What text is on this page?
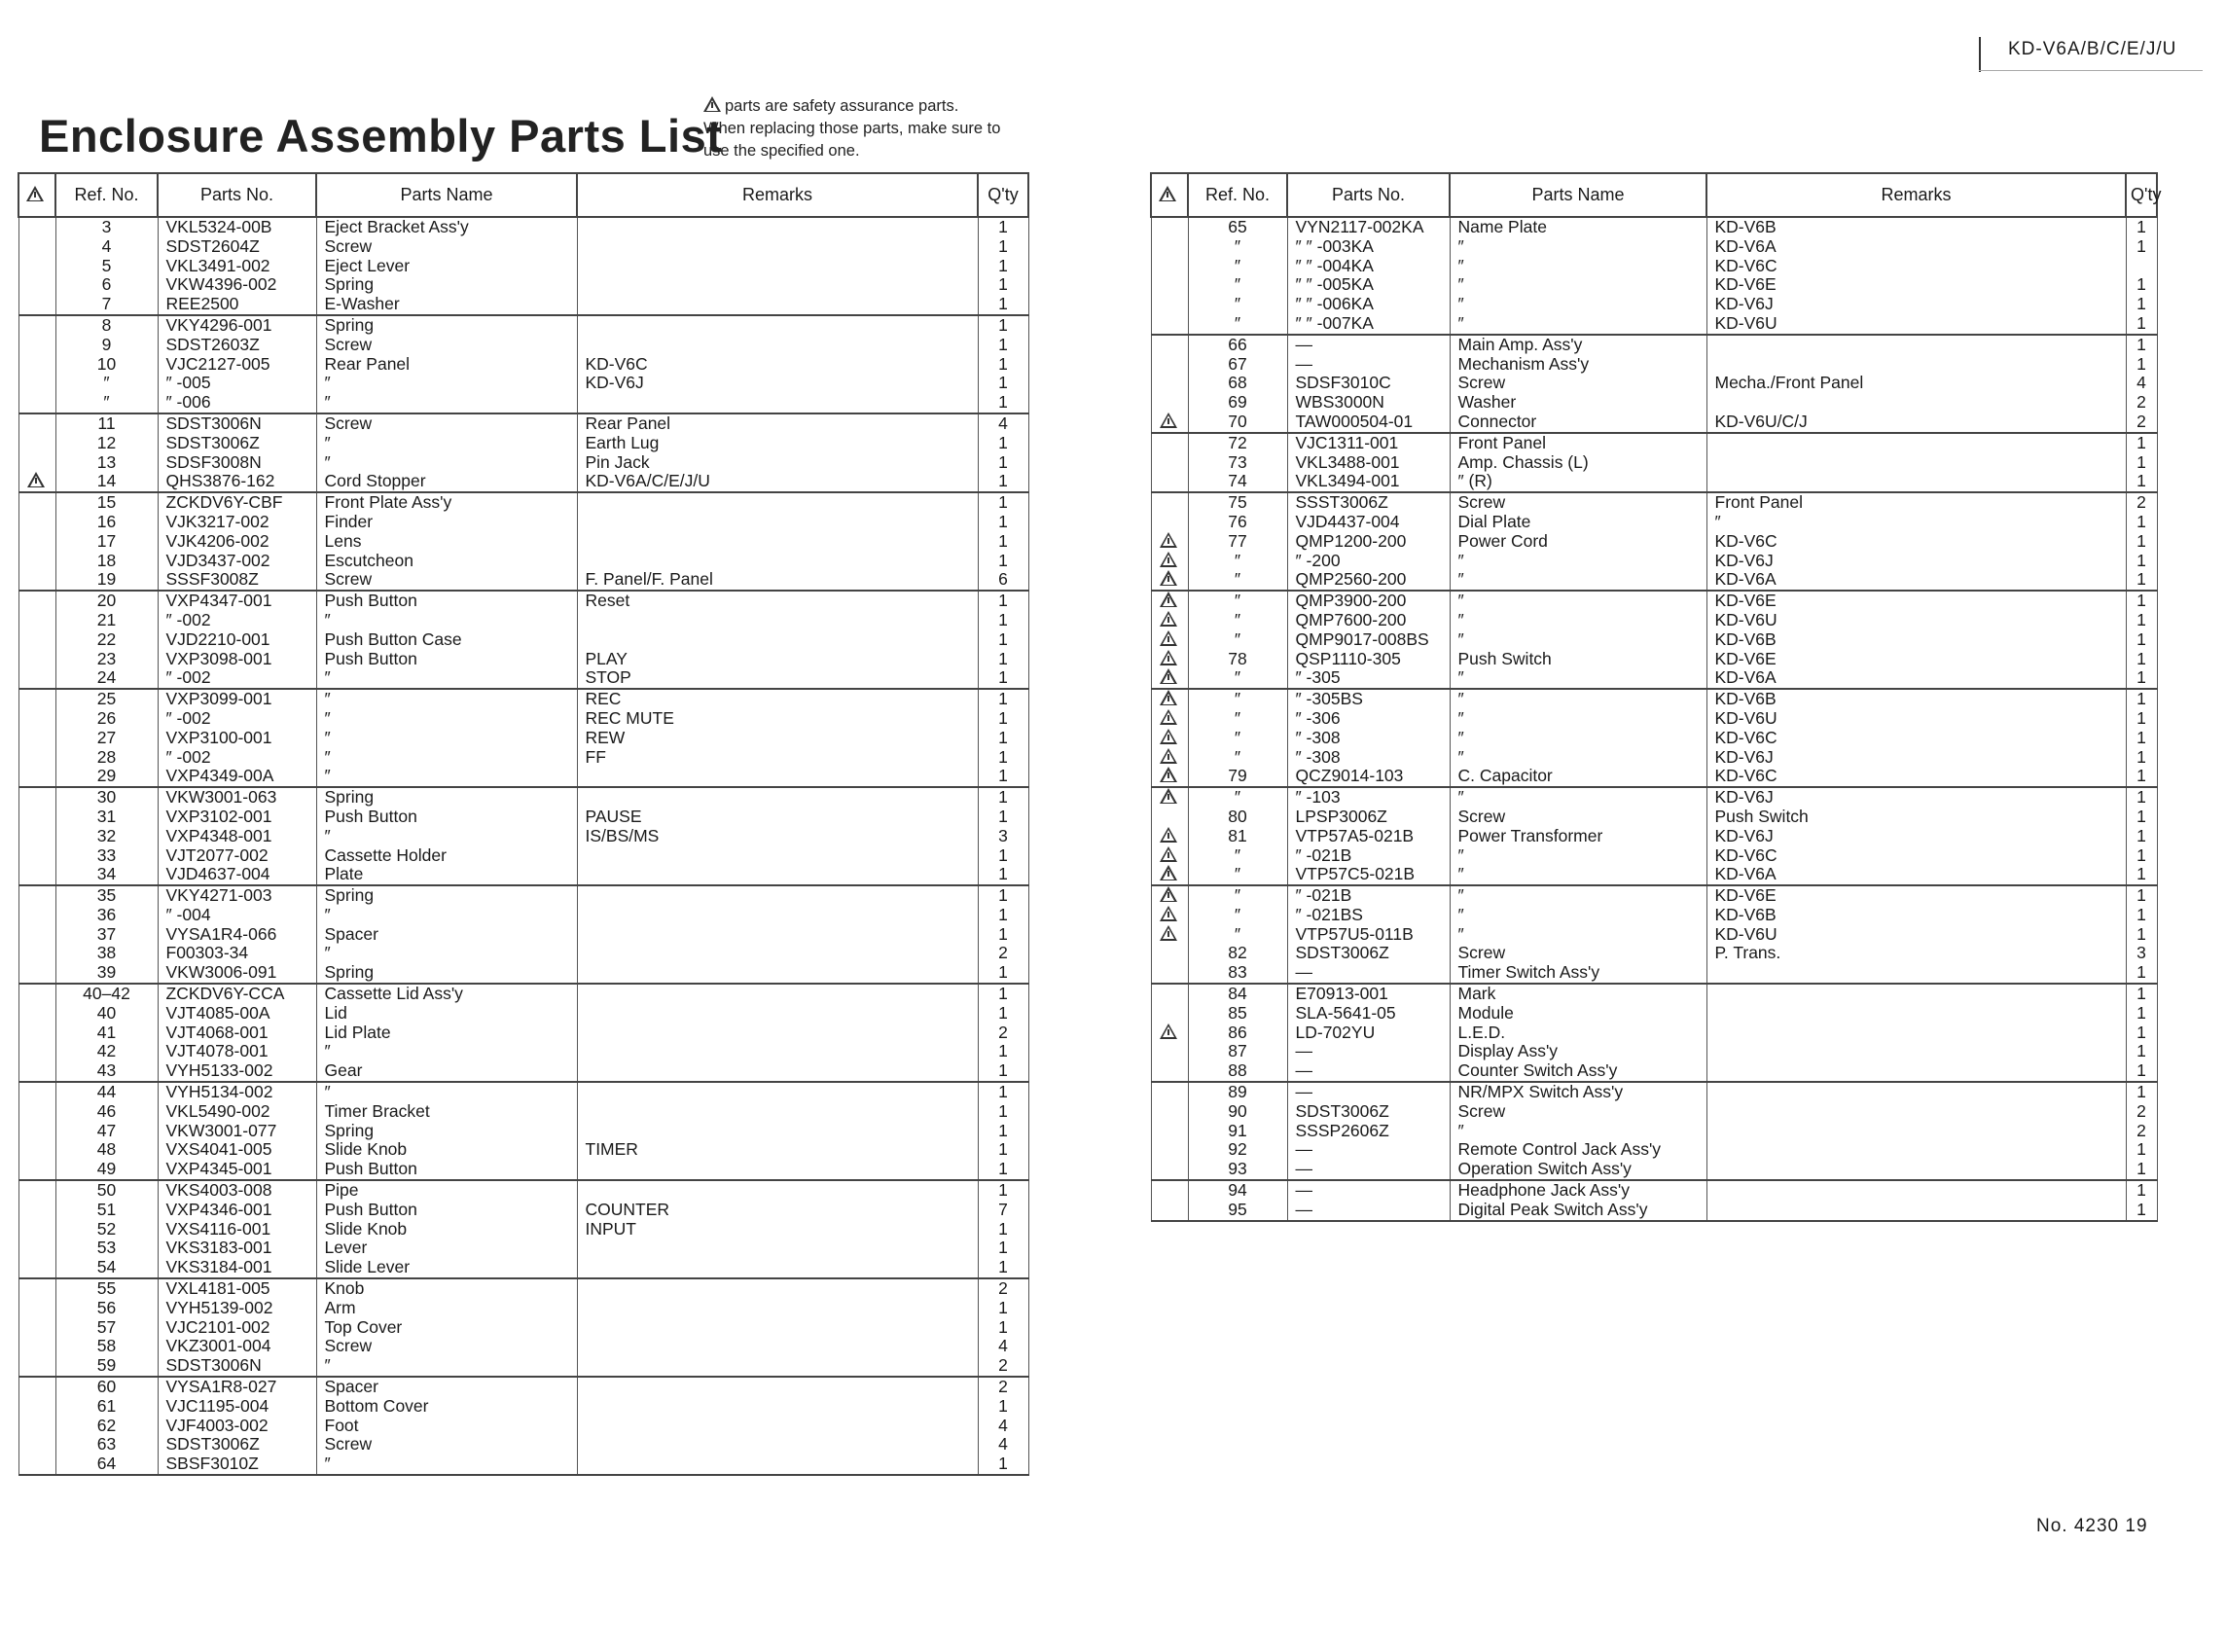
KD-V6A/B/C/E/J/U
Enclosure Assembly Parts List
parts are safety assurance parts.
When replacing those parts, make sure to
use the specified one.
	Ref. No.	Parts No.	Parts Name	Remarks	Q'ty
	3	VKL5324-00B	Eject Bracket Ass'y		1
	4	SDST2604Z	Screw		1
	5	VKL3491-002	Eject Lever		1
	6	VKW4396-002	Spring		1
	7	REE2500	E-Washer		1
	8	VKY4296-001	Spring		1
	9	SDST2603Z	Screw		1
	10	VJC2127-005	Rear Panel	KD-V6C	1
	″	″ -005	″	KD-V6J	1
	″	″ -006	″		1
	11	SDST3006N	Screw	Rear Panel	4
	12	SDST3006Z	″	Earth Lug	1
	13	SDSF3008N	″	Pin Jack	1
	14	QHS3876-162	Cord Stopper	KD-V6A/C/E/J/U	1
	15	ZCKDV6Y-CBF	Front Plate Ass'y		1
	16	VJK3217-002	Finder		1
	17	VJK4206-002	Lens		1
	18	VJD3437-002	Escutcheon		1
	19	SSSF3008Z	Screw	F. Panel/F. Panel	6
	20	VXP4347-001	Push Button	Reset	1
	21	″ -002	″		1
	22	VJD2210-001	Push Button Case		1
	23	VXP3098-001	Push Button	PLAY	1
	24	″ -002	″	STOP	1
	25	VXP3099-001	″	REC	1
	26	″ -002	″	REC MUTE	1
	27	VXP3100-001	″	REW	1
	28	″ -002	″	FF	1
	29	VXP4349-00A	″		1
	30	VKW3001-063	Spring		1
	31	VXP3102-001	Push Button	PAUSE	1
	32	VXP4348-001	″	IS/BS/MS	3
	33	VJT2077-002	Cassette Holder		1
	34	VJD4637-004	Plate		1
	35	VKY4271-003	Spring		1
	36	″ -004	″		1
	37	VYSA1R4-066	Spacer		1
	38	F00303-34	″		2
	39	VKW3006-091	Spring		1
	40–42	ZCKDV6Y-CCA	Cassette Lid Ass'y		1
	40	VJT4085-00A	Lid		1
	41	VJT4068-001	Lid Plate		2
	42	VJT4078-001	″		1
	43	VYH5133-002	Gear		1
	44	VYH5134-002	″		1
	46	VKL5490-002	Timer Bracket		1
	47	VKW3001-077	Spring		1
	48	VXS4041-005	Slide Knob	TIMER	1
	49	VXP4345-001	Push Button		1
	50	VKS4003-008	Pipe		1
	51	VXP4346-001	Push Button	COUNTER	7
	52	VXS4116-001	Slide Knob	INPUT	1
	53	VKS3183-001	Lever		1
	54	VKS3184-001	Slide Lever		1
	55	VXL4181-005	Knob		2
	56	VYH5139-002	Arm		1
	57	VJC2101-002	Top Cover		1
	58	VKZ3001-004	Screw		4
	59	SDST3006N	″		2
	60	VYSA1R8-027	Spacer		2
	61	VJC1195-004	Bottom Cover		1
	62	VJF4003-002	Foot		4
	63	SDST3006Z	Screw		4
	64	SBSF3010Z	″		1
	Ref. No.	Parts No.	Parts Name	Remarks	Q'ty
	65	VYN2117-002KA	Name Plate	KD-V6B	1
	″	″ ″ -003KA	″	KD-V6A	1
	″	″ ″ -004KA	″	KD-V6C	
	″	″ ″ -005KA	″	KD-V6E	1
	″	″ ″ -006KA	″	KD-V6J	1
	″	″ ″ -007KA	″	KD-V6U	1
	66	—	Main Amp. Ass'y		1
	67	—	Mechanism Ass'y		1
	68	SDSF3010C	Screw	Mecha./Front Panel	4
	69	WBS3000N	Washer		2
	70	TAW000504-01	Connector	KD-V6U/C/J	2
	72	VJC1311-001	Front Panel		1
	73	VKL3488-001	Amp. Chassis (L)		1
	74	VKL3494-001	″ (R)		1
	75	SSST3006Z	Screw	Front Panel	2
	76	VJD4437-004	Dial Plate	″	1
	77	QMP1200-200	Power Cord	KD-V6C	1
	″	″ -200	″	KD-V6J	1
	″	QMP2560-200	″	KD-V6A	1
	″	QMP3900-200	″	KD-V6E	1
	″	QMP7600-200	″	KD-V6U	1
	″	QMP9017-008BS	″	KD-V6B	1
	78	QSP1110-305	Push Switch	KD-V6E	1
	″	″ -305	″	KD-V6A	1
	″	″ -305BS	″	KD-V6B	1
	″	″ -306	″	KD-V6U	1
	″	″ -308	″	KD-V6C	1
	″	″ -308	″	KD-V6J	1
	79	QCZ9014-103	C. Capacitor	KD-V6C	1
	″	″ -103	″	KD-V6J	1
	80	LPSP3006Z	Screw	Push Switch	1
	81	VTP57A5-021B	Power Transformer	KD-V6J	1
	″	″ -021B	″	KD-V6C	1
	″	VTP57C5-021B	″	KD-V6A	1
	″	″ -021B	″	KD-V6E	1
	″	″ -021BS	″	KD-V6B	1
	″	VTP57U5-011B	″	KD-V6U	1
	82	SDST3006Z	Screw	P. Trans.	3
	83	—	Timer Switch Ass'y		1
	84	E70913-001	Mark		1
	85	SLA-5641-05	Module		1
	86	LD-702YU	L.E.D.		1
	87	—	Display Ass'y		1
	88	—	Counter Switch Ass'y		1
	89	—	NR/MPX Switch Ass'y		1
	90	SDST3006Z	Screw		2
	91	SSSP2606Z	″		2
	92	—	Remote Control Jack Ass'y		1
	93	—	Operation Switch Ass'y		1
	94	—	Headphone Jack Ass'y		1
	95	—	Digital Peak Switch Ass'y		1
No. 4230 19
